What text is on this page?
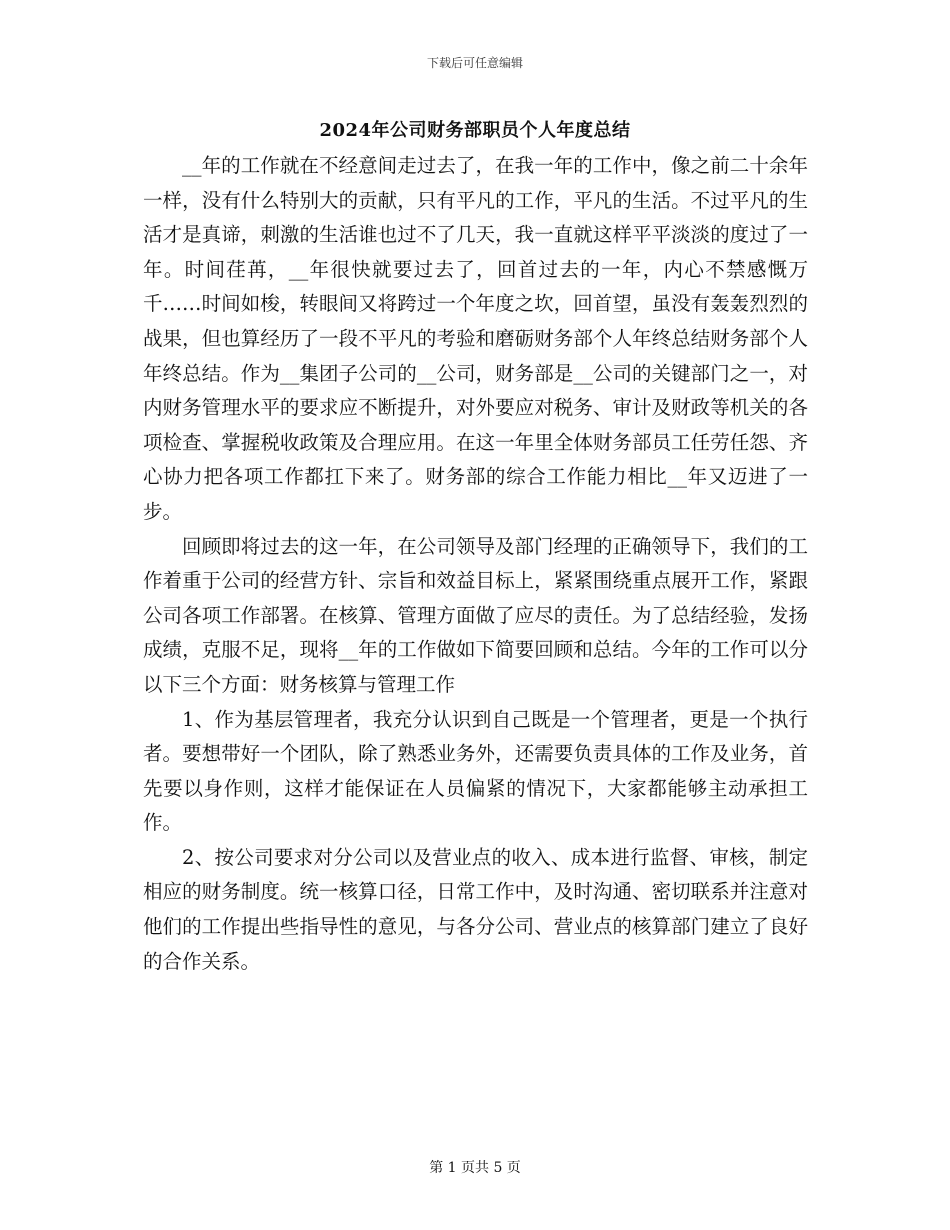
下载后可任意编辑
2024年公司财务部职员个人年度总结

__年的工作就在不经意间走过去了，在我一年的工作中，像之前二十余年一样，没有什么特别大的贡献，只有平凡的工作，平凡的生活。不过平凡的生活才是真谛，刺激的生活谁也过不了几天，我一直就这样平平淡淡的度过了一年。时间荏苒，__年很快就要过去了，回首过去的一年，内心不禁感慨万千……时间如梭，转眼间又将跨过一个年度之坎，回首望，虽没有轰轰烈烈的战果，但也算经历了一段不平凡的考验和磨砺财务部个人年终总结财务部个人年终总结。作为__集团子公司的__公司，财务部是__公司的关键部门之一，对内财务管理水平的要求应不断提升，对外要应对税务、审计及财政等机关的各项检查、掌握税收政策及合理应用。在这一年里全体财务部员工任劳任怨、齐心协力把各项工作都扛下来了。财务部的综合工作能力相比__年又迈进了一步。

回顾即将过去的这一年，在公司领导及部门经理的正确领导下，我们的工作着重于公司的经营方针、宗旨和效益目标上，紧紧围绕重点展开工作，紧跟公司各项工作部署。在核算、管理方面做了应尽的责任。为了总结经验，发扬成绩，克服不足，现将__年的工作做如下简要回顾和总结。今年的工作可以分以下三个方面：财务核算与管理工作

1、作为基层管理者，我充分认识到自己既是一个管理者，更是一个执行者。要想带好一个团队，除了熟悉业务外，还需要负责具体的工作及业务，首先要以身作则，这样才能保证在人员偏紧的情况下，大家都能够主动承担工作。

2、按公司要求对分公司以及营业点的收入、成本进行监督、审核，制定相应的财务制度。统一核算口径，日常工作中，及时沟通、密切联系并注意对他们的工作提出些指导性的意见，与各分公司、营业点的核算部门建立了良好的合作关系。

第 1 页共 5 页
